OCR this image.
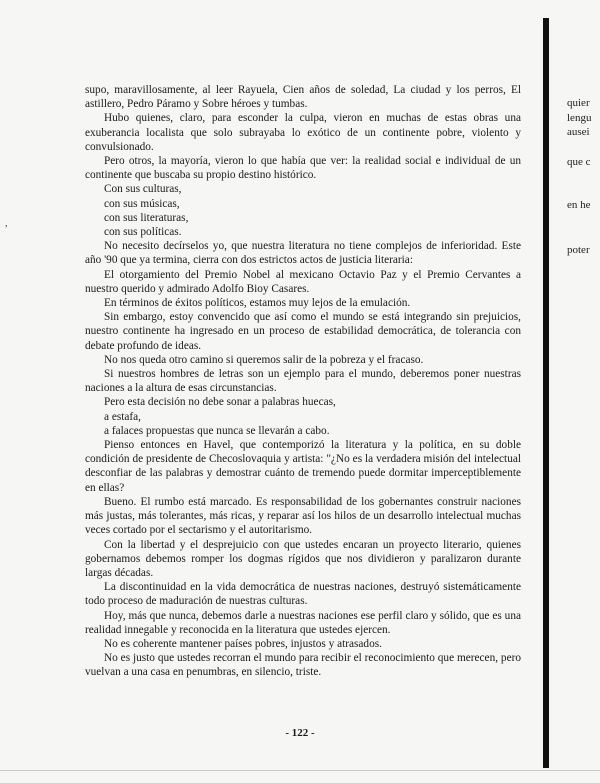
supo, maravillosamente, al leer Rayuela, Cien años de soledad, La ciudad y los perros, El astillero, Pedro Páramo y Sobre héroes y tumbas.

Hubo quienes, claro, para esconder la culpa, vieron en muchas de estas obras una exuberancia localista que solo subrayaba lo exótico de un continente pobre, violento y convulsionado.

Pero otros, la mayoría, vieron lo que había que ver: la realidad social e individual de un continente que buscaba su propio destino histórico.

Con sus culturas,

con sus músicas,

con sus literaturas,

con sus políticas.

No necesito decírselos yo, que nuestra literatura no tiene complejos de inferioridad. Este año '90 que ya termina, cierra con dos estrictos actos de justicia literaria:

El otorgamiento del Premio Nobel al mexicano Octavio Paz y el Premio Cervantes a nuestro querido y admirado Adolfo Bioy Casares.

En términos de éxitos políticos, estamos muy lejos de la emulación.

Sin embargo, estoy convencido que así como el mundo se está integrando sin prejuicios, nuestro continente ha ingresado en un proceso de estabilidad democrática, de tolerancia con debate profundo de ideas.

No nos queda otro camino si queremos salir de la pobreza y el fracaso.

Si nuestros hombres de letras son un ejemplo para el mundo, deberemos poner nuestras naciones a la altura de esas circunstancias.

Pero esta decisión no debe sonar a palabras huecas,

a estafa,

a falaces propuestas que nunca se llevarán a cabo.

Pienso entonces en Havel, que contemporizó la literatura y la política, en su doble condición de presidente de Checoslovaquia y artista: "¿No es la verdadera misión del intelectual desconfiar de las palabras y demostrar cuánto de tremendo puede dormitar imperceptiblemente en ellas?

Bueno. El rumbo está marcado. Es responsabilidad de los gobernantes construir naciones más justas, más tolerantes, más ricas, y reparar así los hilos de un desarrollo intelectual muchas veces cortado por el sectarismo y el autoritarismo.

Con la libertad y el desprejuicio con que ustedes encaran un proyecto literario, quienes gobernamos debemos romper los dogmas rígidos que nos dividieron y paralizaron durante largas décadas.

La discontinuidad en la vida democrática de nuestras naciones, destruyó sistemáticamente todo proceso de maduración de nuestras culturas.

Hoy, más que nunca, debemos darle a nuestras naciones ese perfil claro y sólido, que es una realidad innegable y reconocida en la literatura que ustedes ejercen.

No es coherente mantener países pobres, injustos y atrasados.

No es justo que ustedes recorran el mundo para recibir el reconocimiento que merecen, pero vuelvan a una casa en penumbras, en silencio, triste.

- 122 -
,
quier
lengu
ausei
que c
en he
poter
